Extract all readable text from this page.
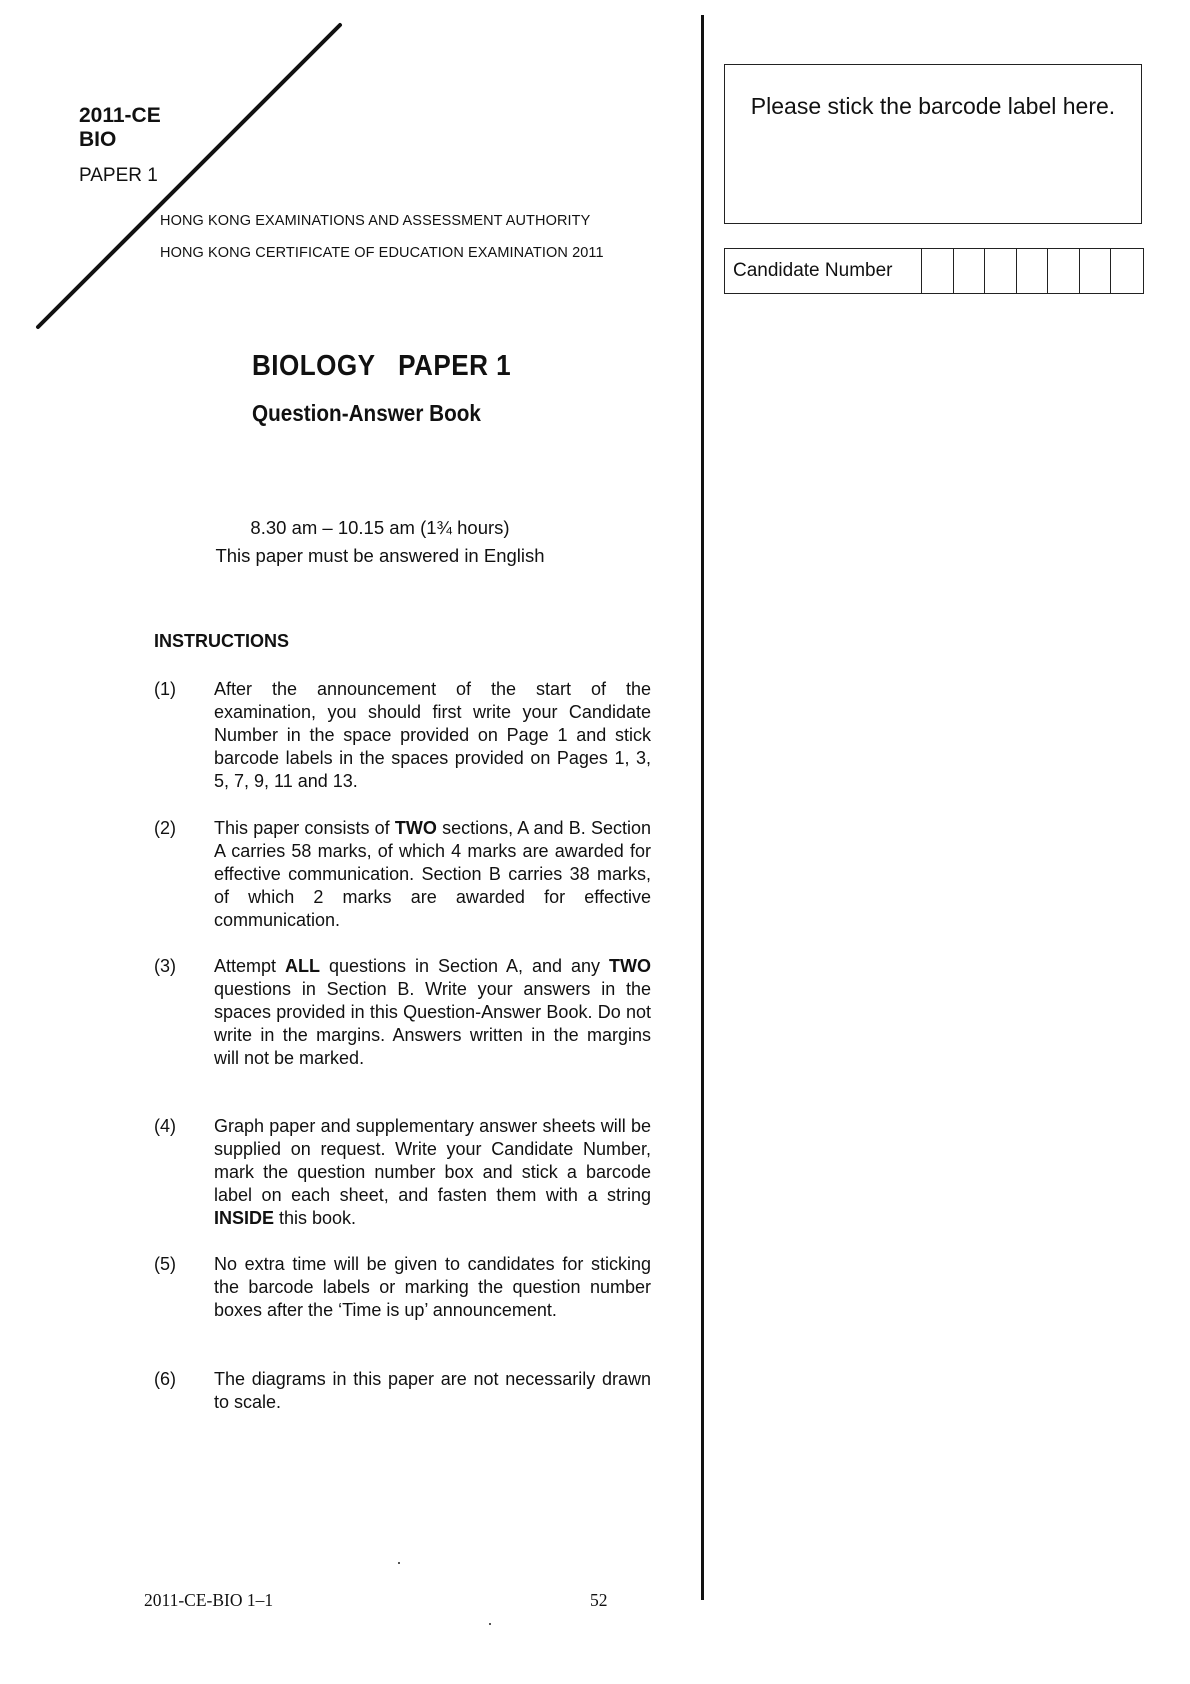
2011-CE
BIO
PAPER 1
HONG KONG EXAMINATIONS AND ASSESSMENT AUTHORITY
HONG KONG CERTIFICATE OF EDUCATION EXAMINATION 2011
BIOLOGY   PAPER 1
Question-Answer Book
8.30 am – 10.15 am (1¾ hours)
This paper must be answered in English
INSTRUCTIONS
(1) After the announcement of the start of the examination, you should first write your Candidate Number in the space provided on Page 1 and stick barcode labels in the spaces provided on Pages 1, 3, 5, 7, 9, 11 and 13.
(2) This paper consists of TWO sections, A and B. Section A carries 58 marks, of which 4 marks are awarded for effective communication. Section B carries 38 marks, of which 2 marks are awarded for effective communication.
(3) Attempt ALL questions in Section A, and any TWO questions in Section B. Write your answers in the spaces provided in this Question-Answer Book. Do not write in the margins. Answers written in the margins will not be marked.
(4) Graph paper and supplementary answer sheets will be supplied on request. Write your Candidate Number, mark the question number box and stick a barcode label on each sheet, and fasten them with a string INSIDE this book.
(5) No extra time will be given to candidates for sticking the barcode labels or marking the question number boxes after the ‘Time is up’ announcement.
(6) The diagrams in this paper are not necessarily drawn to scale.
Please stick the barcode label here.
Candidate Number
2011-CE-BIO 1–1	52
